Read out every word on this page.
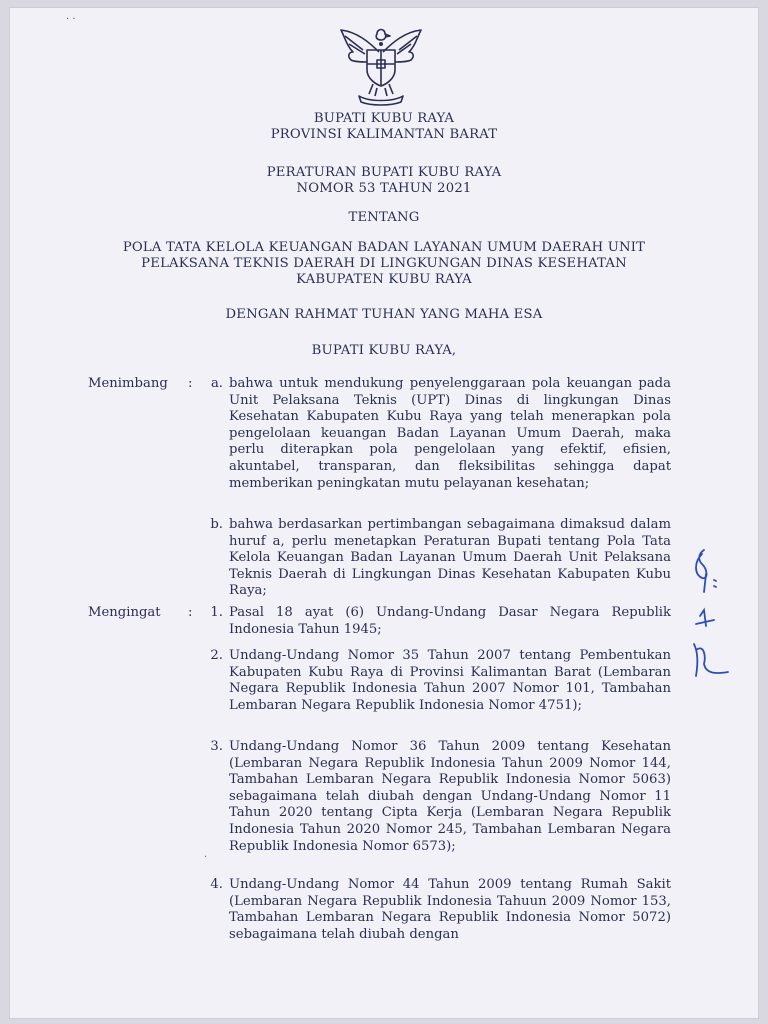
· ·
BUPATI KUBU RAYA
PROVINSI KALIMANTAN BARAT
PERATURAN BUPATI KUBU RAYA
NOMOR 53 TAHUN 2021
TENTANG
POLA TATA KELOLA KEUANGAN BADAN LAYANAN UMUM DAERAH UNIT
PELAKSANA TEKNIS DAERAH DI LINGKUNGAN DINAS KESEHATAN
KABUPATEN KUBU RAYA
DENGAN RAHMAT TUHAN YANG MAHA ESA
BUPATI KUBU RAYA,
Menimbang :	a. bahwa untuk mendukung penyelenggaraan pola keuangan pada Unit Pelaksana Teknis (UPT) Dinas di lingkungan Dinas Kesehatan Kabupaten Kubu Raya yang telah menerapkan pola pengelolaan keuangan Badan Layanan Umum Daerah, maka perlu diterapkan pola pengelolaan yang efektif, efisien, akuntabel, transparan, dan fleksibilitas sehingga dapat memberikan peningkatan mutu pelayanan kesehatan;
b. bahwa berdasarkan pertimbangan sebagaimana dimaksud dalam huruf a, perlu menetapkan Peraturan Bupati tentang Pola Tata Kelola Keuangan Badan Layanan Umum Daerah Unit Pelaksana Teknis Daerah di Lingkungan Dinas Kesehatan Kabupaten Kubu Raya;
Mengingat :	1. Pasal 18 ayat (6) Undang-Undang Dasar Negara Republik Indonesia Tahun 1945;
2. Undang-Undang Nomor 35 Tahun 2007 tentang Pembentukan Kabupaten Kubu Raya di Provinsi Kalimantan Barat (Lembaran Negara Republik Indonesia Tahun 2007 Nomor 101, Tambahan Lembaran Negara Republik Indonesia Nomor 4751);
3. Undang-Undang Nomor 36 Tahun 2009 tentang Kesehatan (Lembaran Negara Republik Indonesia Tahun 2009 Nomor 144, Tambahan Lembaran Negara Republik Indonesia Nomor 5063) sebagaimana telah diubah dengan Undang-Undang Nomor 11 Tahun 2020 tentang Cipta Kerja (Lembaran Negara Republik Indonesia Tahun 2020 Nomor 245, Tambahan Lembaran Negara Republik Indonesia Nomor 6573);
4. Undang-Undang Nomor 44 Tahun 2009 tentang Rumah Sakit (Lembaran Negara Republik Indonesia Tahuun 2009 Nomor 153, Tambahan Lembaran Negara Republik Indonesia Nomor 5072) sebagaimana telah diubah dengan
·
